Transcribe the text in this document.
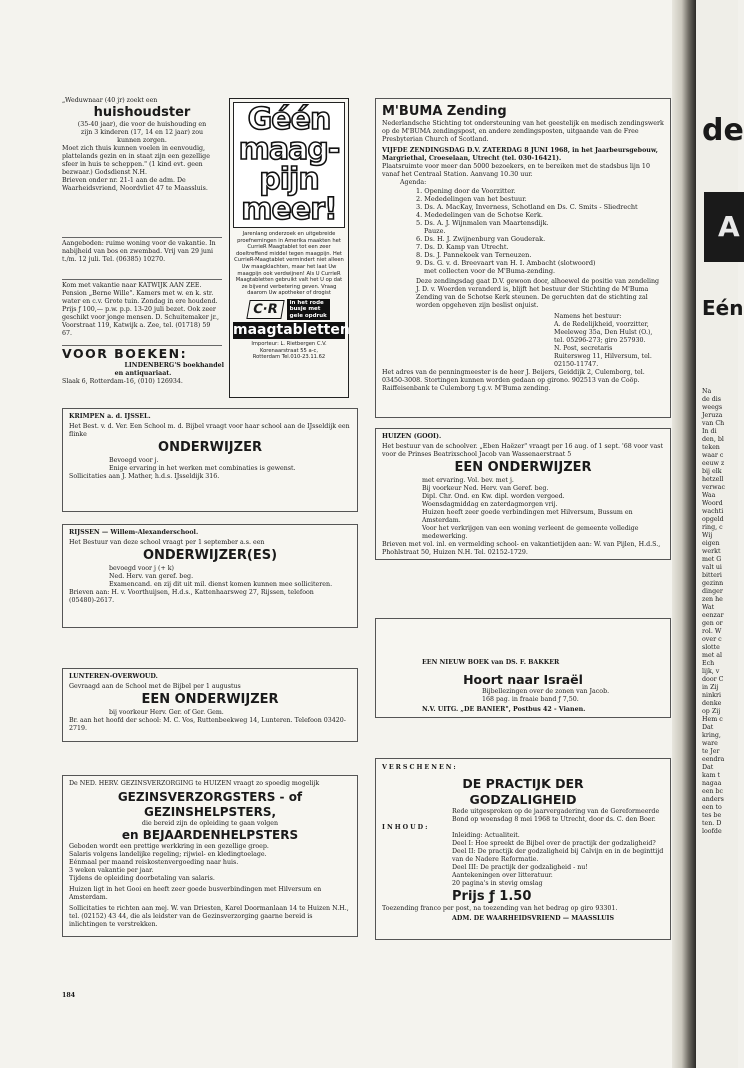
„Weduwnaar (40 jr) zoekt een

huishoudster

(35-40 jaar), die voor de huishouding en zijn 3 kinderen (17, 14 en 12 jaar) zou kunnen zorgen.

Moet zich thuis kunnen voelen in eenvoudig, plattelands gezin en in staat zijn een gezellige sfeer in huis te scheppen." (1 kind evt. geen bezwaar.) Godsdienst N.H.

Brieven onder nr. 21-1 aan de adm. De Waarheidsvriend, Noordvliet 47 te Maassluis.

Aangeboden: ruime woning voor de vakantie. In nabijheid van bos en zwembad. Vrij van 29 juni t./m. 12 juli. Tel. (06385) 10270.

Kom met vakantie naar KATWIJK AAN ZEE. Pension „Berne Wille". Kamers met w. en k. str. water en c.v. Grote tuin. Zondag in ere houdend. Prijs ƒ 100,— p.w. p.p. 13-20 juli bezet. Ook zeer geschikt voor jonge mensen. D. Schuitemaker jr., Voorstraat 119, Katwijk a. Zee, tel. (01718) 59 67.

VOOR BOEKEN:

LINDENBERG'S boekhandel

en antiquariaat.

Slaak 6, Rotterdam-16, (010) 126934.

Géén

maag-

pijn

meer!

Jarenlang onderzoek en uitgebreide proefnemingen in Amerika maakten het CurrieR Maagtablet tot een zeer doeltreffend middel tegen maagpijn. Het CurrieR-Maagtablet vermindert niet alleen Uw maagklachten, maar het laat Uw maagpijn ook verdwijnen! Als U CurrieR Maagtabletten gebruikt valt het U op dat ze bijvend verbetering geven. Vraag daarom Uw apotheker of drogist

C·R	in het rode

busje met

gele opdruk

maagtabletten

Importeur: L. Rietbergen C.V.

Korenaarstraat 55 a-c,

Rotterdam Tel.010-23.11.62

KRIMPEN a. d. IJSSEL.

Het Best. v. d. Ver. Een School m. d. Bijbel vraagt voor haar school aan de IJsseldijk een flinke

ONDERWIJZER

Bevoegd voor j.

Enige ervaring in het werken met combinaties is gewenst.

Sollicitaties aan J. Mather, h.d.s. IJsseldijk 316.

RIJSSEN — Willem-Alexanderschool.

Het Bestuur van deze school vraagt per 1 september a.s. een

ONDERWIJZER(ES)

bevoegd voor j (+ k)

Ned. Herv. van geref. beg.

Examencand. en zij dit uit mil. dienst komen kunnen mee solliciteren.

Brieven aan: H. v. Voorthuijsen, H.d.s., Kattenhaarsweg 27, Rijssen, telefoon (05480)-2617.

LUNTEREN-OVERWOUD.

Gevraagd aan de School met de Bijbel per 1 augustus

EEN ONDERWIJZER

bij voorkeur Herv. Ger. of Ger. Gem.

Br. aan het hoofd der school: M. C. Vos, Ruttenbeekweg 14, Lunteren. Telefoon 03420-2719.

De NED. HERV. GEZINSVERZORGING te HUIZEN vraagt zo spoedig mogelijk

GEZINSVERZORGSTERS - of

GEZINSHELPSTERS,

die bereid zijn de opleiding te gaan volgen

en BEJAARDENHELPSTERS

Geboden wordt een prettige werkkring in een gezellige groep.

Salaris volgens landelijke regeling; rijwiel- en kledingtoelage.

Eénmaal per maand reiskostenvergoeding naar huis.

3 weken vakantie per jaar.

Tijdens de opleiding doorbetaling van salaris.

Huizen ligt in het Gooi en heeft zeer goede busverbindingen met Hilversum en Amsterdam.

Sollicitaties te richten aan mej. W. van Driesten, Karel Doormanlaan 14 te Huizen N.H., tel. (02152) 43 44, die als leidster van de Gezinsverzorging gaarne bereid is inlichtingen te verstrekken.

184

M'BUMA Zending

Nederlandsche Stichting tot ondersteuning van het geestelijk en medisch zendingswerk op de M'BUMA zendingspost, en andere zendingsposten, uitgaande van de Free Presbyterian Church of Scotland.

VIJFDE ZENDINGSDAG D.V. ZATERDAG 8 JUNI 1968, in het Jaarbeursgebouw, Margriethal, Croeselaan, Utrecht (tel. 030-16421).

Plaatsruimte voor meer dan 5000 bezoekers, en te bereiken met de stadsbus lijn 10 vanaf het Centraal Station. Aanvang 10.30 uur.

Agenda:

1. Opening door de Voorzitter.
2. Mededelingen van het bestuur.
3. Ds. A. MacKay, Inverness, Schotland en Ds. C. Smits - Sliedrecht
4. Mededelingen van de Schotse Kerk.
5. Ds. A. J. Wijnmalen van Maartensdijk.
Pauze.
6. Ds. H. J. Zwijnenburg van Gouderak.
7. Ds. D. Kamp van Utrecht.
8. Ds. J. Pannekoek van Terneuzen.
9. Ds. G. v. d. Breevaart van H. I. Ambacht (slotwoord)
met collecten voor de M'Buma-zending.

Deze zendingsdag gaat D.V. gewoon door, alhoewel de positie van zendeling J. D. v. Woerden veranderd is, blijft het bestuur der Stichting de M'Buma Zending van de Schotse Kerk steunen. De geruchten dat de stichting zal worden opgeheven zijn beslist onjuist.

Namens het bestuur:

A. de Redelijkheid, voorzitter,

Meeleweg 35a, Den Hulst (O.),

tel. 05296-273; giro 257930.

N. Post, secretaris

Ruitersweg 11, Hilversum, tel.

02150-11747.

Het adres van de penningmeester is de heer J. Beijers, Geiddijk 2, Culemborg, tel. 03450-3008. Stortingen kunnen worden gedaan op gironо. 902513 van de Coöp. Raiffeisenbank te Culemborg t.g.v. M'Buma zending.

HUIZEN (GOOI).

Het bestuur van de schoolver. „Eben Haëzer" vraagt per 16 aug. of 1 sept. '68 voor vast voor de Prinses Beatrixschool Jacob van Wassenaerstraat 5

EEN ONDERWIJZER

met ervaring. Vol. bev. met j.

Bij voorkeur Ned. Herv. van Geref. beg.

Dipl. Chr. Ond. en Kw. dipl. worden vergoed.

Woensdagmiddag en zaterdagmorgen vrij.

Huizen heeft zeer goede verbindingen met Hilversum, Bussum en Amsterdam.

Voor het verkrijgen van een woning verleent de gemeente volledige medewerking.

Brieven met vol. inl. en vermelding school- en vakantietijden aan: W. van Pijlen, H.d.S., Phohlstraat 50, Huizen N.H. Tel. 02152-1729.

EEN NIEUW BOEK van DS. F. BAKKER

Hoort naar Israël

Bijbellezingen over de zonen van Jacob.

168 pag. in fraaie band ƒ 7,50.

N.V. UITG. „DE BANIER", Postbus 42 - Vianen.

VERSCHENEN:

DE PRACTIJK DER

GODZALIGHEID

Rede uitgesproken op de jaarvergadering van de Gereformeerde Bond op woensdag 8 mei 1968 te Utrecht, door ds. C. den Boer.

INHOUD:

Inleiding: Actualiteit.

Deel I: Hoe spreekt de Bijbel over de practijk der godzaligheid?

Deel II: De practijk der godzaligheid bij Calvijn en in de beginttijd van de Nadere Reformatie.

Deel III: De practijk der godzaligheid - nu!

Aantekeningen over litteratuur.

20 pagina's in stevig omslag

Prijs ƒ 1.50

Toezending franco per post, na toezending van het bedrag op giro 93301.

ADM. DE WAARHEIDSVRIEND — MAASSLUIS

de

A

Eén

Na

de dis

weegs

Jeruza

van Ch

In di

den, bl

teken

waar c

eeuw z

bij elk

hetzell

verwac

Waa

Woord

wachti

opgeld

ring, c

Wij

eigen

werkt

met G

valt ui

bitteri

gezinn

dinger

zen he

Wat

eenzar

gen or

rol. W

over c

slotte

met al

Ech

lijk, v

door C

in Zij

ninkri

denke

op Zij

Hem c

Dat

kring,

ware

te Jer

eendra

Dat

kam t

nagaa

een bc

anders

een to

tes be

ten. D

loofde
